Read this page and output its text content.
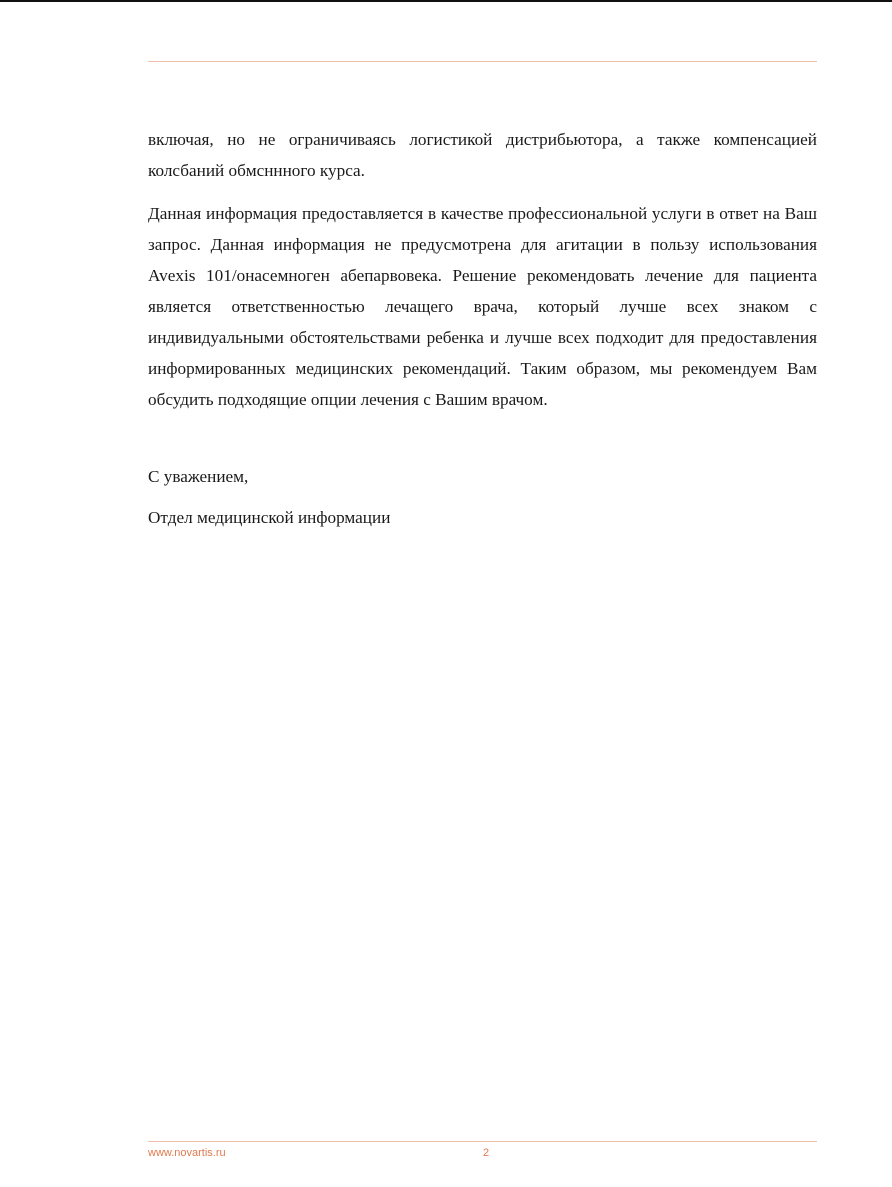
включая, но не ограничиваясь логистикой дистрибьютора, а также компенсацией колсбаний обмсннного курса.

Данная информация предоставляется в качестве профессиональной услуги в ответ на Ваш запрос. Данная информация не предусмотрена для агитации в пользу использования Avexis 101/онасемноген абепарвовека. Решение рекомендовать лечение для пациента является ответственностью лечащего врача, который лучше всех знаком с индивидуальными обстоятельствами ребенка и лучше всех подходит для предоставления информированных медицинских рекомендаций. Таким образом, мы рекомендуем Вам обсудить подходящие опции лечения с Вашим врачом.

С уважением,
Отдел медицинской информации
www.novartis.ru	2
